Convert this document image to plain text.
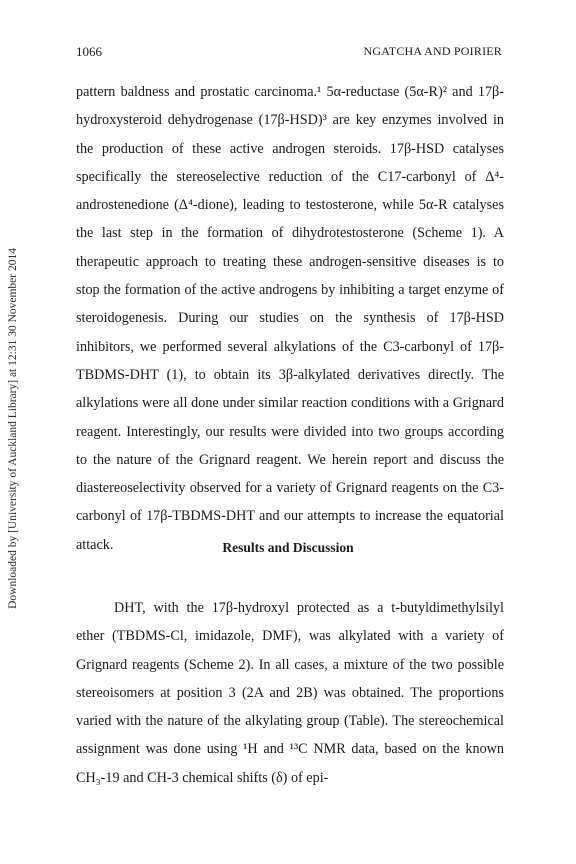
1066	NGATCHA AND POIRIER
Downloaded by [University of Auckland Library] at 12:31 30 November 2014

pattern baldness and prostatic carcinoma.¹ 5α-reductase (5α-R)² and 17β-hydroxysteroid dehydrogenase (17β-HSD)³ are key enzymes involved in the production of these active androgen steroids. 17β-HSD catalyses specifically the stereoselective reduction of the C17-carbonyl of Δ⁴-androstenedione (Δ⁴-dione), leading to testosterone, while 5α-R catalyses the last step in the formation of dihydrotestosterone (Scheme 1). A therapeutic approach to treating these androgen-sensitive diseases is to stop the formation of the active androgens by inhibiting a target enzyme of steroidogenesis. During our studies on the synthesis of 17β-HSD inhibitors, we performed several alkylations of the C3-carbonyl of 17β-TBDMS-DHT (1), to obtain its 3β-alkylated derivatives directly. The alkylations were all done under similar reaction conditions with a Grignard reagent. Interestingly, our results were divided into two groups according to the nature of the Grignard reagent. We herein report and discuss the diastereoselectivity observed for a variety of Grignard reagents on the C3-carbonyl of 17β-TBDMS-DHT and our attempts to increase the equatorial attack.	Results and Discussion

DHT, with the 17β-hydroxyl protected as a t-butyldimethylsilyl ether (TBDMS-Cl, imidazole, DMF), was alkylated with a variety of Grignard reagents (Scheme 2). In all cases, a mixture of the two possible stereoisomers at position 3 (2A and 2B) was obtained. The proportions varied with the nature of the alkylating group (Table). The stereochemical assignment was done using ¹H and ¹³C NMR data, based on the known CH₃-19 and CH-3 chemical shifts (δ) of epi-
